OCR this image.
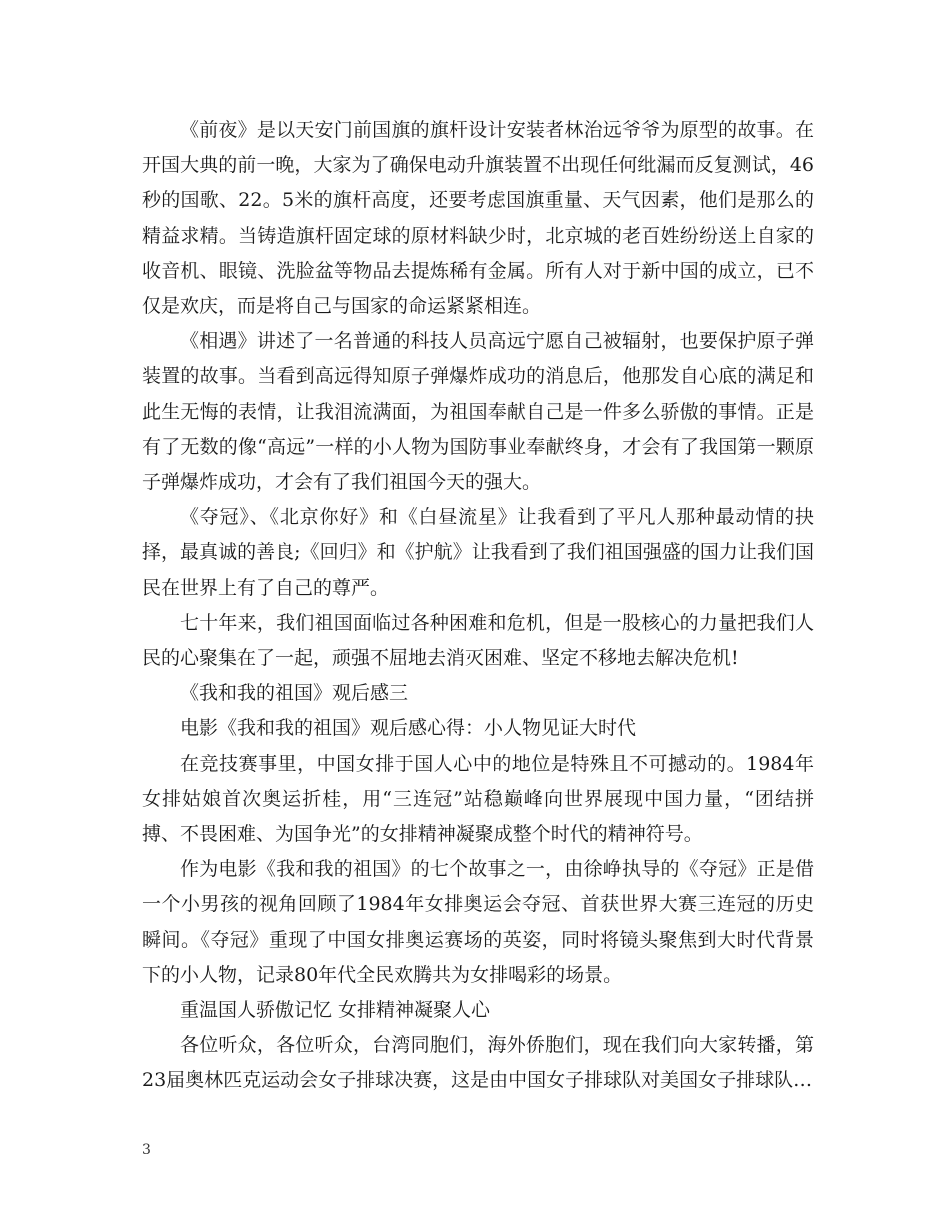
《前夜》是以天安门前国旗的旗杆设计安装者林治远爷爷为原型的故事。在开国大典的前一晚，大家为了确保电动升旗装置不出现任何纰漏而反复测试，46秒的国歌、22。5米的旗杆高度，还要考虑国旗重量、天气因素，他们是那么的精益求精。当铸造旗杆固定球的原材料缺少时，北京城的老百姓纷纷送上自家的收音机、眼镜、洗脸盆等物品去提炼稀有金属。所有人对于新中国的成立，已不仅是欢庆，而是将自己与国家的命运紧紧相连。

《相遇》讲述了一名普通的科技人员高远宁愿自己被辐射，也要保护原子弹装置的故事。当看到高远得知原子弹爆炸成功的消息后，他那发自心底的满足和此生无悔的表情，让我泪流满面，为祖国奉献自己是一件多么骄傲的事情。正是有了无数的像“高远”一样的小人物为国防事业奉献终身，才会有了我国第一颗原子弹爆炸成功，才会有了我们祖国今天的强大。

《夺冠》、《北京你好》和《白昼流星》让我看到了平凡人那种最动情的抉择，最真诚的善良;《回归》和《护航》让我看到了我们祖国强盛的国力让我们国民在世界上有了自己的尊严。

七十年来，我们祖国面临过各种困难和危机，但是一股核心的力量把我们人民的心聚集在了一起，顽强不屈地去消灭困难、坚定不移地去解决危机!

《我和我的祖国》观后感三

电影《我和我的祖国》观后感心得：小人物见证大时代

在竞技赛事里，中国女排于国人心中的地位是特殊且不可撼动的。1984年女排姑娘首次奥运折桂，用“三连冠”站稳巅峰向世界展现中国力量，“团结拼搏、不畏困难、为国争光”的女排精神凝聚成整个时代的精神符号。

作为电影《我和我的祖国》的七个故事之一，由徐峥执导的《夺冠》正是借一个小男孩的视角回顾了1984年女排奥运会夺冠、首获世界大赛三连冠的历史瞬间。《夺冠》重现了中国女排奥运赛场的英姿，同时将镜头聚焦到大时代背景下的小人物，记录80年代全民欢腾共为女排喝彩的场景。

重温国人骄傲记忆 女排精神凝聚人心

各位听众，各位听众，台湾同胞们，海外侨胞们，现在我们向大家转播，第23届奥林匹克运动会女子排球决赛，这是由中国女子排球队对美国女子排球队…

3
